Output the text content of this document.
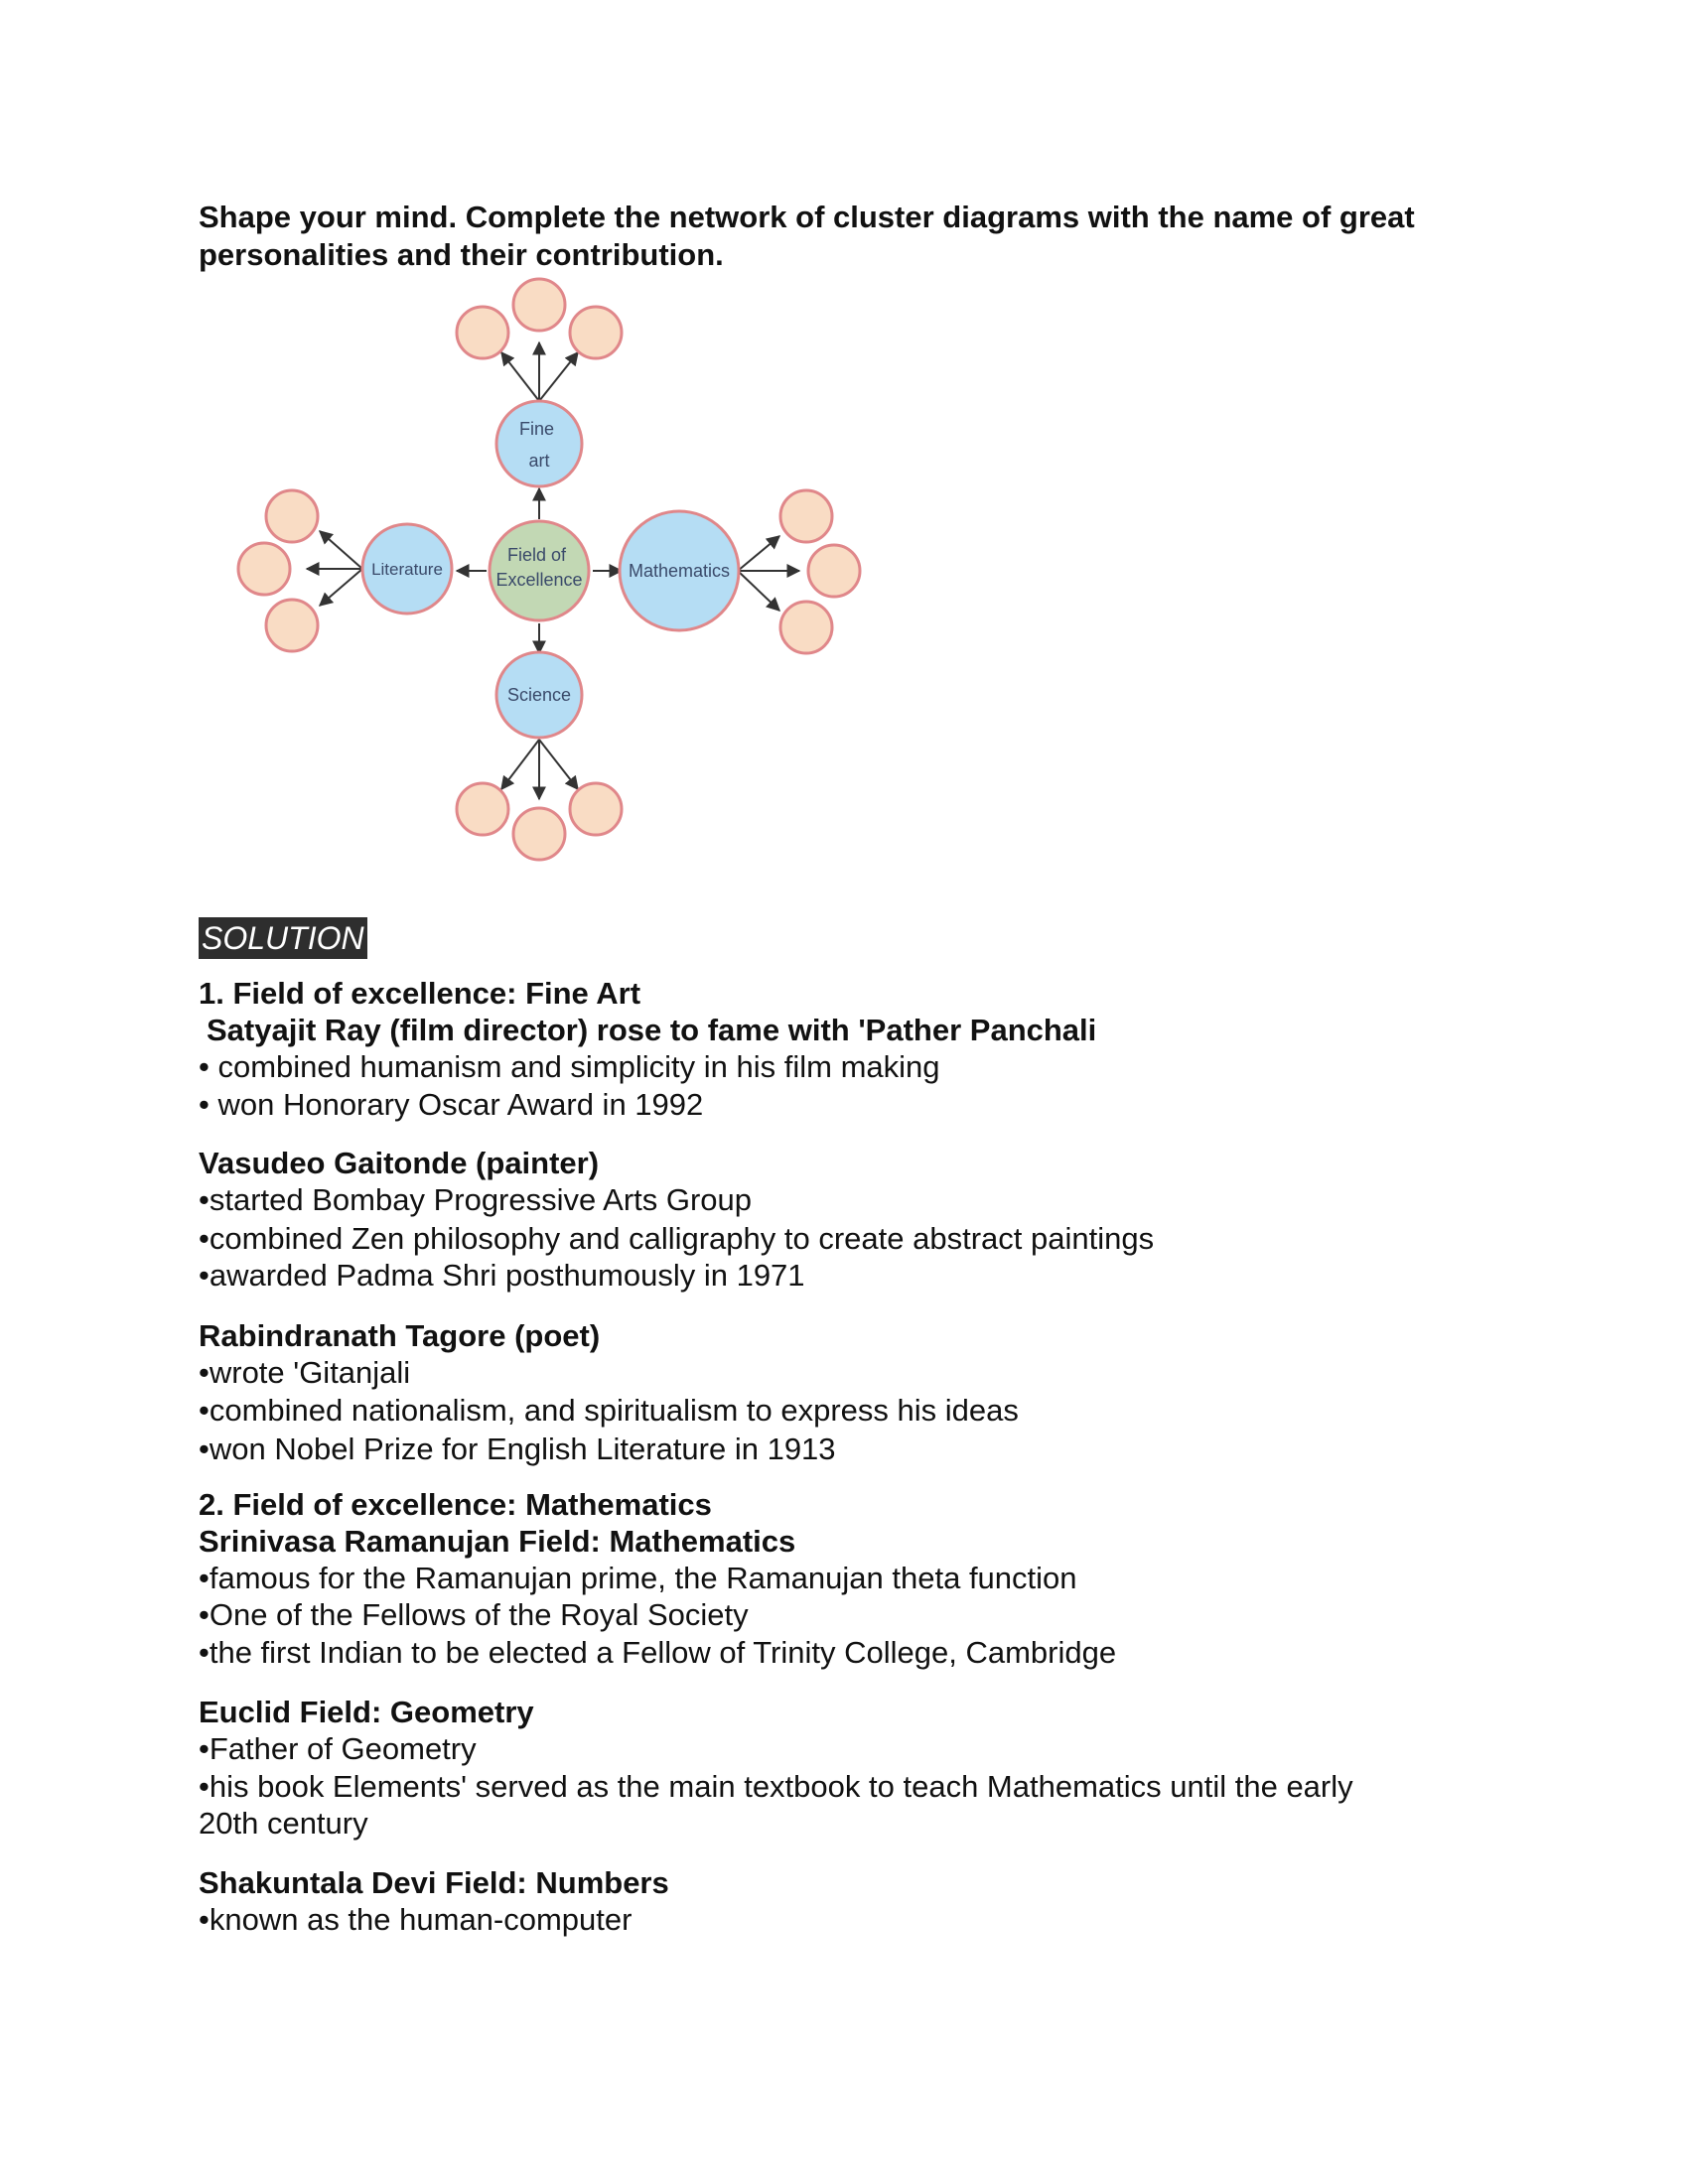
Shape your mind. Complete the network of cluster diagrams with the name of great personalities and their contribution.
Fine art
Literature	Mathematics
Science
Field of Excellence
SOLUTION
1. Field of excellence: Fine Art
Satyajit Ray (film director) rose to fame with 'Pather Panchali
• combined humanism and simplicity in his film making
• won Honorary Oscar Award in 1992
Vasudeo Gaitonde (painter)
•started Bombay Progressive Arts Group
•combined Zen philosophy and calligraphy to create abstract paintings
•awarded Padma Shri posthumously in 1971
Rabindranath Tagore (poet)
•wrote 'Gitanjali
•combined nationalism, and spiritualism to express his ideas
•won Nobel Prize for English Literature in 1913
2. Field of excellence: Mathematics
Srinivasa Ramanujan Field: Mathematics
•famous for the Ramanujan prime, the Ramanujan theta function
•One of the Fellows of the Royal Society
•the first Indian to be elected a Fellow of Trinity College, Cambridge
Euclid Field: Geometry
•Father of Geometry
•his book Elements' served as the main textbook to teach Mathematics until the early
20th century
Shakuntala Devi Field: Numbers
•known as the human-computer
